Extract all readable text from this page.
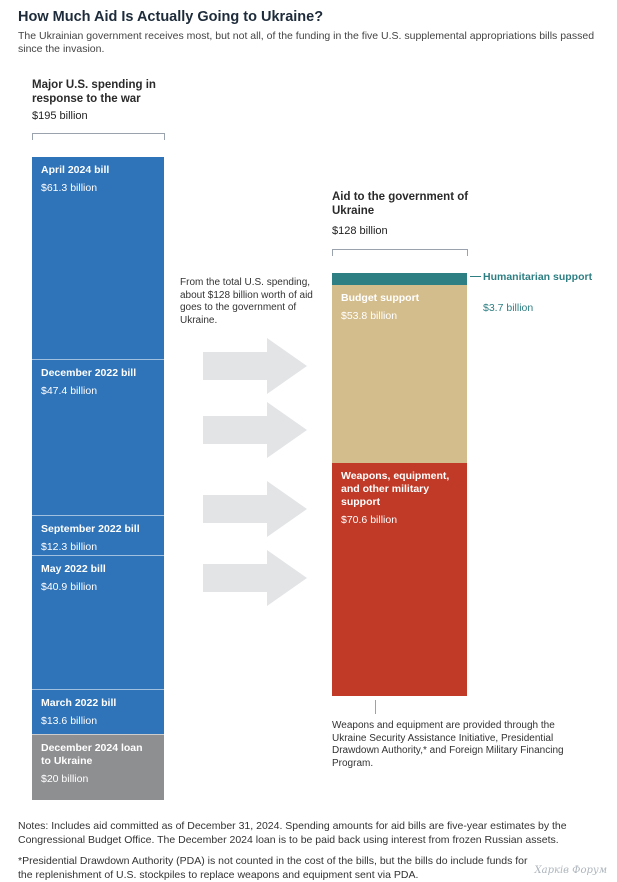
How Much Aid Is Actually Going to Ukraine?
The Ukrainian government receives most, but not all, of the funding in the five U.S. supplemental appropriations bills passed since the invasion.
Major U.S. spending in response to the war
$195 billion
April 2024 bill
$61.3 billion
December 2022 bill
$47.4 billion
September 2022 bill
$12.3 billion
May 2022 bill
$40.9 billion
March 2022 bill
$13.6 billion
December 2024 loan to Ukraine
$20 billion
From the total U.S. spending, about $128 billion worth of aid goes to the government of Ukraine.
Aid to the government of Ukraine
$128 billion
Budget support
$53.8 billion
Weapons, equipment, and other military support
$70.6 billion
Humanitarian support
$3.7 billion
Weapons and equipment are provided through the Ukraine Security Assistance Initiative, Presidential Drawdown Authority,* and Foreign Military Financing Program.
Notes: Includes aid committed as of December 31, 2024. Spending amounts for aid bills are five-year estimates by the Congressional Budget Office. The December 2024 loan is to be paid back using interest from frozen Russian assets.
*Presidential Drawdown Authority (PDA) is not counted in the cost of the bills, but the bills do include funds for the replenishment of U.S. stockpiles to replace weapons and equipment sent via PDA.	Харків Форум
